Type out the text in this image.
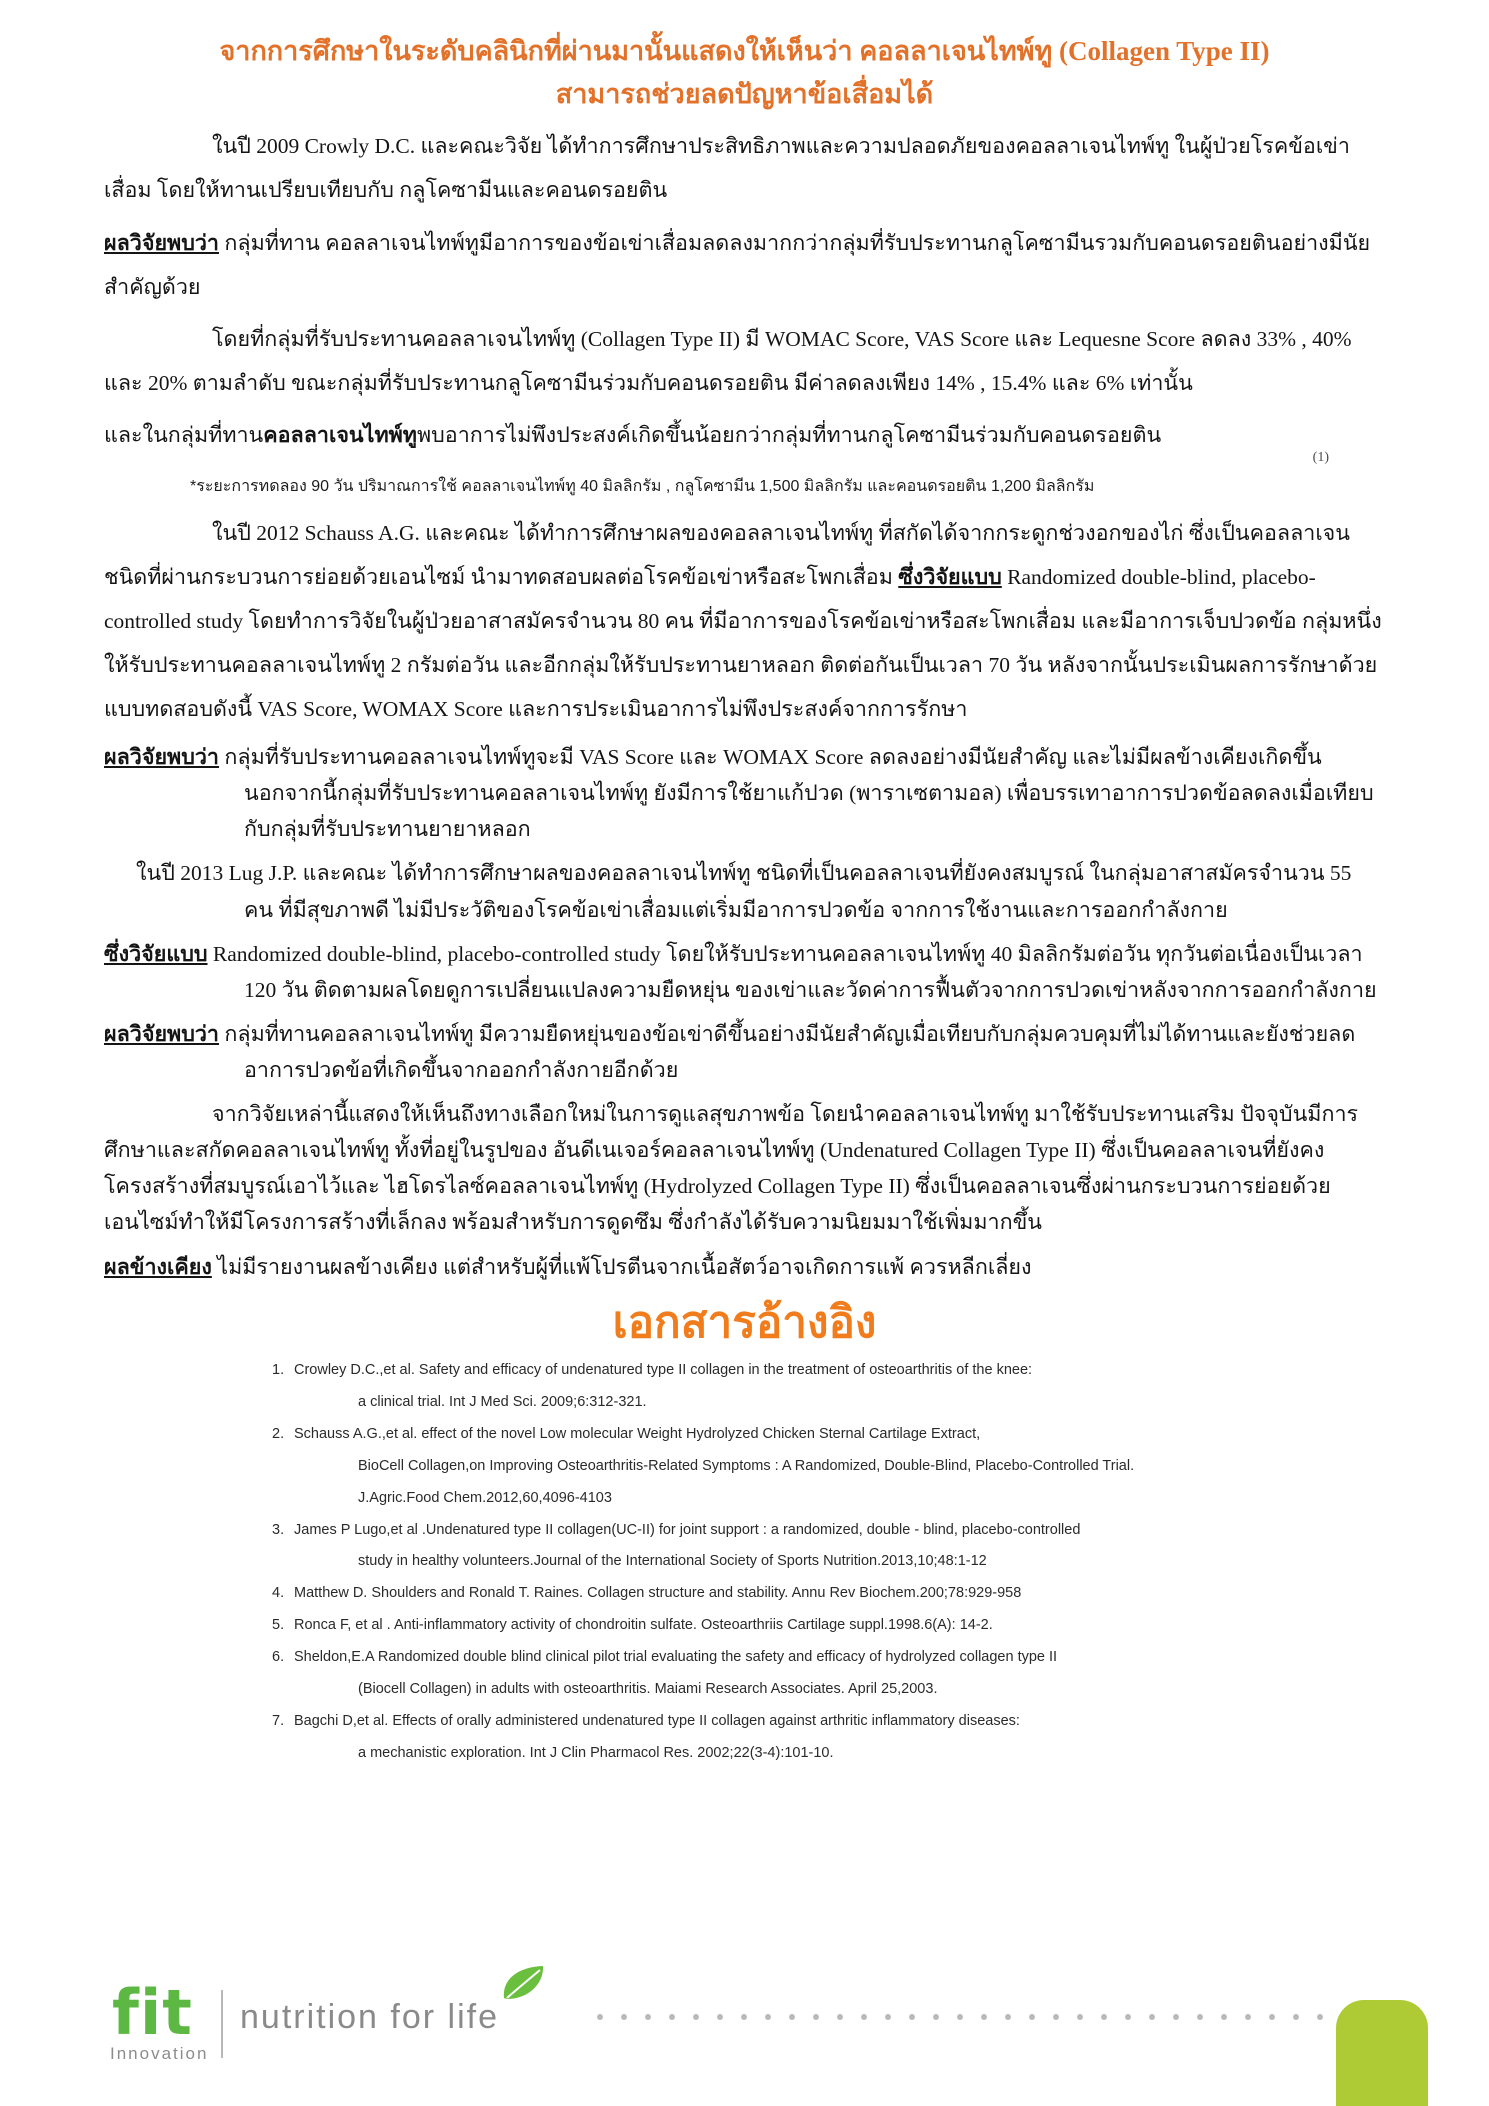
จากการศึกษาในระดับคลินิกที่ผ่านมานั้นแสดงให้เห็นว่า คอลลาเจนไทพ์ทู (Collagen Type II)
สามารถช่วยลดปัญหาข้อเสื่อมได้

ในปี 2009 Crowly D.C. และคณะวิจัย ได้ทำการศึกษาประสิทธิภาพและความปลอดภัยของคอลลาเจนไทพ์ทู ในผู้ป่วยโรคข้อเข่าเสื่อม โดยให้ทานเปรียบเทียบกับ กลูโคซามีนและคอนดรอยติน

ผลวิจัยพบว่า กลุ่มที่ทาน คอลลาเจนไทพ์ทูมีอาการของข้อเข่าเสื่อมลดลงมากกว่ากลุ่มที่รับประทานกลูโคซามีนรวมกับคอนดรอยตินอย่างมีนัยสำคัญด้วย

โดยที่กลุ่มที่รับประทานคอลลาเจนไทพ์ทู (Collagen Type II) มี WOMAC Score, VAS Score และ Lequesne Score ลดลง 33% , 40% และ 20% ตามลำดับ ขณะกลุ่มที่รับประทานกลูโคซามีนร่วมกับคอนดรอยติน มีค่าลดลงเพียง 14% , 15.4% และ 6% เท่านั้น

และในกลุ่มที่ทานคอลลาเจนไทพ์ทูพบอาการไม่พึงประสงค์เกิดขึ้นน้อยกว่ากลุ่มที่ทานกลูโคซามีนร่วมกับคอนดรอยติน

(1)
*ระยะการทดลอง 90 วัน ปริมาณการใช้ คอลลาเจนไทพ์ทู 40 มิลลิกรัม , กลูโคซามีน 1,500 มิลลิกรัม และคอนดรอยติน 1,200 มิลลิกรัม

ในปี 2012 Schauss A.G. และคณะ ได้ทำการศึกษาผลของคอลลาเจนไทพ์ทู ที่สกัดได้จากกระดูกช่วงอกของไก่ ซึ่งเป็นคอลลาเจนชนิดที่ผ่านกระบวนการย่อยด้วยเอนไซม์ นำมาทดสอบผลต่อโรคข้อเข่าหรือสะโพกเสื่อม ซึ่งวิจัยแบบ Randomized double-blind, placebo-controlled study โดยทำการวิจัยในผู้ป่วยอาสาสมัครจำนวน 80 คน ที่มีอาการของโรคข้อเข่าหรือสะโพกเสื่อม และมีอาการเจ็บปวดข้อ กลุ่มหนึ่งให้รับประทานคอลลาเจนไทพ์ทู 2 กรัมต่อวัน และอีกกลุ่มให้รับประทานยาหลอก ติดต่อกันเป็นเวลา 70 วัน หลังจากนั้นประเมินผลการรักษาด้วยแบบทดสอบดังนี้ VAS Score, WOMAX Score และการประเมินอาการไม่พึงประสงค์จากการรักษา

ผลวิจัยพบว่า กลุ่มที่รับประทานคอลลาเจนไทพ์ทูจะมี VAS Score และ WOMAX Score ลดลงอย่างมีนัยสำคัญ และไม่มีผลข้างเคียงเกิดขึ้น นอกจากนี้กลุ่มที่รับประทานคอลลาเจนไทพ์ทู ยังมีการใช้ยาแก้ปวด (พาราเซตามอล) เพื่อบรรเทาอาการปวดข้อลดลงเมื่อเทียบกับกลุ่มที่รับประทานยายาหลอก

ในปี 2013 Lug J.P. และคณะ ได้ทำการศึกษาผลของคอลลาเจนไทพ์ทู ชนิดที่เป็นคอลลาเจนที่ยังคงสมบูรณ์ ในกลุ่มอาสาสมัครจำนวน 55 คน ที่มีสุขภาพดี ไม่มีประวัติของโรคข้อเข่าเสื่อมแต่เริ่มมีอาการปวดข้อ จากการใช้งานและการออกกำลังกาย

ซึ่งวิจัยแบบ Randomized double-blind, placebo-controlled study โดยให้รับประทานคอลลาเจนไทพ์ทู 40 มิลลิกรัมต่อวัน ทุกวันต่อเนื่องเป็นเวลา 120 วัน ติดตามผลโดยดูการเปลี่ยนแปลงความยืดหยุ่น ของเข่าและวัดค่าการฟื้นตัวจากการปวดเข่าหลังจากการออกกำลังกาย

ผลวิจัยพบว่า กลุ่มที่ทานคอลลาเจนไทพ์ทู มีความยืดหยุ่นของข้อเข่าดีขึ้นอย่างมีนัยสำคัญเมื่อเทียบกับกลุ่มควบคุมที่ไม่ได้ทานและยังช่วยลดอาการปวดข้อที่เกิดขึ้นจากออกกำลังกายอีกด้วย

จากวิจัยเหล่านี้แสดงให้เห็นถึงทางเลือกใหม่ในการดูแลสุขภาพข้อ โดยนำคอลลาเจนไทพ์ทู มาใช้รับประทานเสริม ปัจจุบันมีการศึกษาและสกัดคอลลาเจนไทพ์ทู ทั้งที่อยู่ในรูปของ อันดีเนเจอร์คอลลาเจนไทพ์ทู (Undenatured Collagen Type II) ซึ่งเป็นคอลลาเจนที่ยังคงโครงสร้างที่สมบูรณ์เอาไว้และ ไฮโดรไลซ์คอลลาเจนไทพ์ทู (Hydrolyzed Collagen Type II) ซึ่งเป็นคอลลาเจนซึ่งผ่านกระบวนการย่อยด้วยเอนไซม์ทำให้มีโครงการสร้างที่เล็กลง พร้อมสำหรับการดูดซึม ซึ่งกำลังได้รับความนิยมมาใช้เพิ่มมากขึ้น

ผลข้างเคียง ไม่มีรายงานผลข้างเคียง แต่สำหรับผู้ที่แพ้โปรตีนจากเนื้อสัตว์อาจเกิดการแพ้ ควรหลีกเลี่ยง

เอกสารอ้างอิง
1. Crowley D.C.,et al. Safety and efficacy of undenatured type II collagen in the treatment of osteoarthritis of the knee:
a clinical trial. Int J Med Sci. 2009;6:312-321.
2. Schauss A.G.,et al. effect of the novel Low molecular Weight Hydrolyzed Chicken Sternal Cartilage Extract,
BioCell Collagen,on Improving Osteoarthritis-Related Symptoms : A Randomized, Double-Blind, Placebo-Controlled Trial.
J.Agric.Food Chem.2012,60,4096-4103
3. James P Lugo,et al .Undenatured type II collagen(UC-II) for joint support : a randomized, double - blind, placebo-controlled
study in healthy volunteers.Journal of the International Society of Sports Nutrition.2013,10;48:1-12
4. Matthew D. Shoulders and Ronald T. Raines. Collagen structure and stability. Annu Rev Biochem.200;78:929-958
5. Ronca F, et al . Anti-inflammatory activity of chondroitin sulfate. Osteoarthriis Cartilage suppl.1998.6(A): 14-2.
6. Sheldon,E.A Randomized double blind clinical pilot trial evaluating the safety and efficacy of hydrolyzed collagen type II
(Biocell Collagen) in adults with osteoarthritis. Maiami Research Associates. April 25,2003.
7. Bagchi D,et al. Effects of orally administered undenatured type II collagen against arthritic inflammatory diseases:
a mechanistic exploration. Int J Clin Pharmacol Res. 2002;22(3-4):101-10.
fit
Innovation
nutrition for life
